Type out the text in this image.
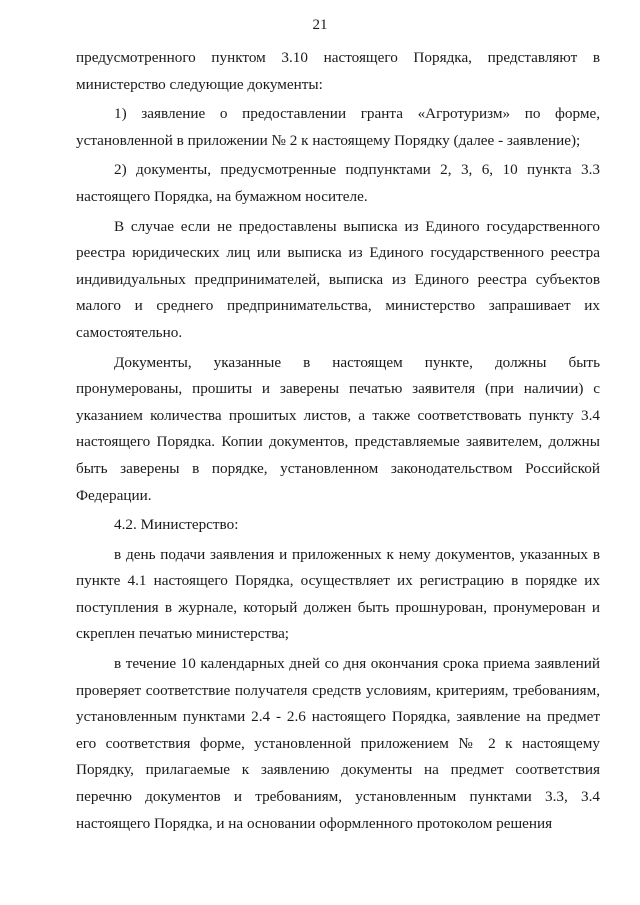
21

предусмотренного пунктом 3.10 настоящего Порядка, представляют в министерство следующие документы:

1) заявление о предоставлении гранта «Агротуризм» по форме, установленной в приложении № 2 к настоящему Порядку (далее - заявление);

2) документы, предусмотренные подпунктами 2, 3, 6, 10 пункта 3.3 настоящего Порядка, на бумажном носителе.

В случае если не предоставлены выписка из Единого государственного реестра юридических лиц или выписка из Единого государственного реестра индивидуальных предпринимателей, выписка из Единого реестра субъектов малого и среднего предпринимательства, министерство запрашивает их самостоятельно.

Документы, указанные в настоящем пункте, должны быть пронумерованы, прошиты и заверены печатью заявителя (при наличии) с указанием количества прошитых листов, а также соответствовать пункту 3.4 настоящего Порядка. Копии документов, представляемые заявителем, должны быть заверены в порядке, установленном законодательством Российской Федерации.

4.2. Министерство:

в день подачи заявления и приложенных к нему документов, указанных в пункте 4.1 настоящего Порядка, осуществляет их регистрацию в порядке их поступления в журнале, который должен быть прошнурован, пронумерован и скреплен печатью министерства;

в течение 10 календарных дней со дня окончания срока приема заявлений проверяет соответствие получателя средств условиям, критериям, требованиям, установленным пунктами 2.4 - 2.6 настоящего Порядка, заявление на предмет его соответствия форме, установленной приложением № 2 к настоящему Порядку, прилагаемые к заявлению документы на предмет соответствия перечню документов и требованиям, установленным пунктами 3.3, 3.4 настоящего Порядка, и на основании оформленного протоколом решения
